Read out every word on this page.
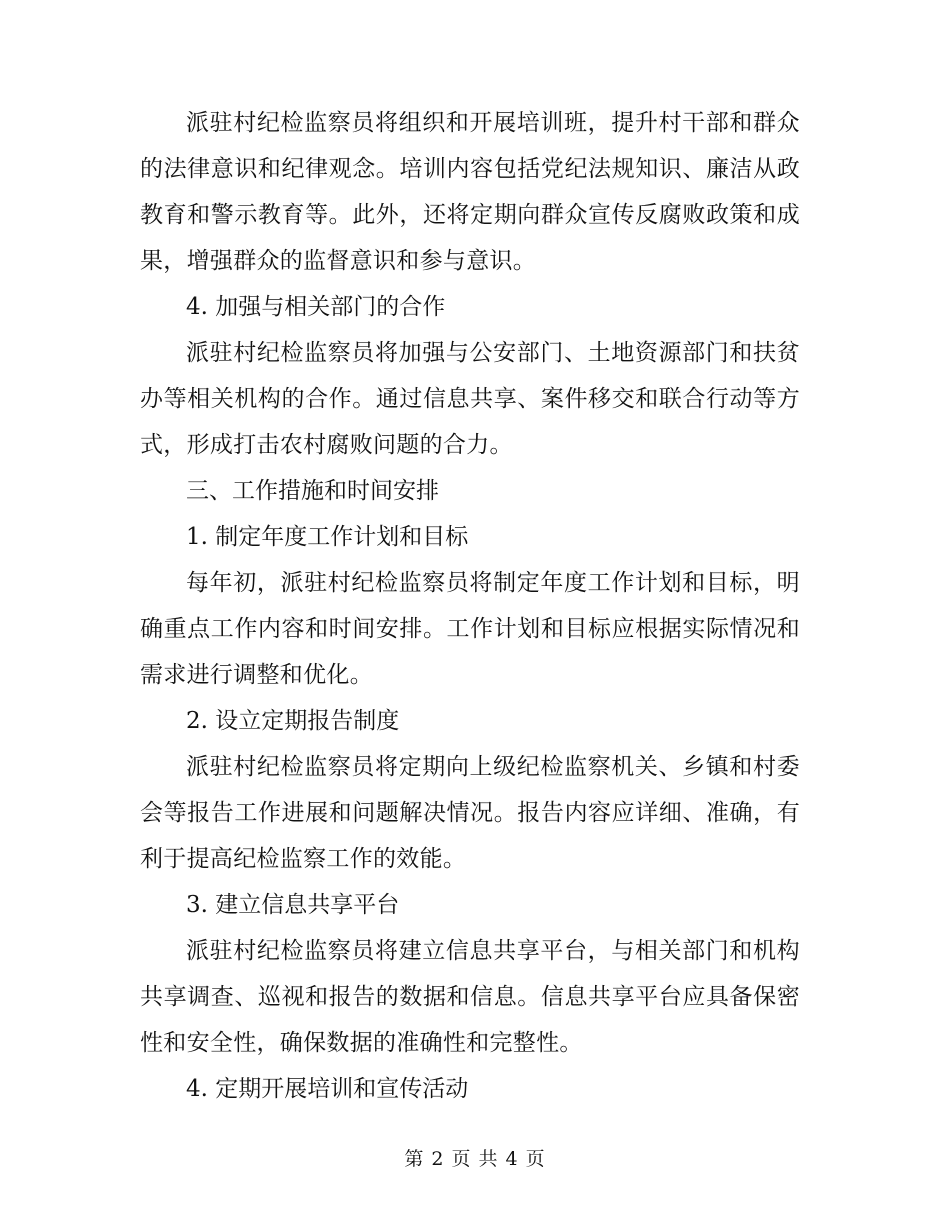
派驻村纪检监察员将组织和开展培训班，提升村干部和群众的法律意识和纪律观念。培训内容包括党纪法规知识、廉洁从政教育和警示教育等。此外，还将定期向群众宣传反腐败政策和成果，增强群众的监督意识和参与意识。

4. 加强与相关部门的合作

派驻村纪检监察员将加强与公安部门、土地资源部门和扶贫办等相关机构的合作。通过信息共享、案件移交和联合行动等方式，形成打击农村腐败问题的合力。

三、工作措施和时间安排

1. 制定年度工作计划和目标

每年初，派驻村纪检监察员将制定年度工作计划和目标，明确重点工作内容和时间安排。工作计划和目标应根据实际情况和需求进行调整和优化。

2. 设立定期报告制度

派驻村纪检监察员将定期向上级纪检监察机关、乡镇和村委会等报告工作进展和问题解决情况。报告内容应详细、准确，有利于提高纪检监察工作的效能。

3. 建立信息共享平台

派驻村纪检监察员将建立信息共享平台，与相关部门和机构共享调查、巡视和报告的数据和信息。信息共享平台应具备保密性和安全性，确保数据的准确性和完整性。

4. 定期开展培训和宣传活动

第 2 页 共 4 页
